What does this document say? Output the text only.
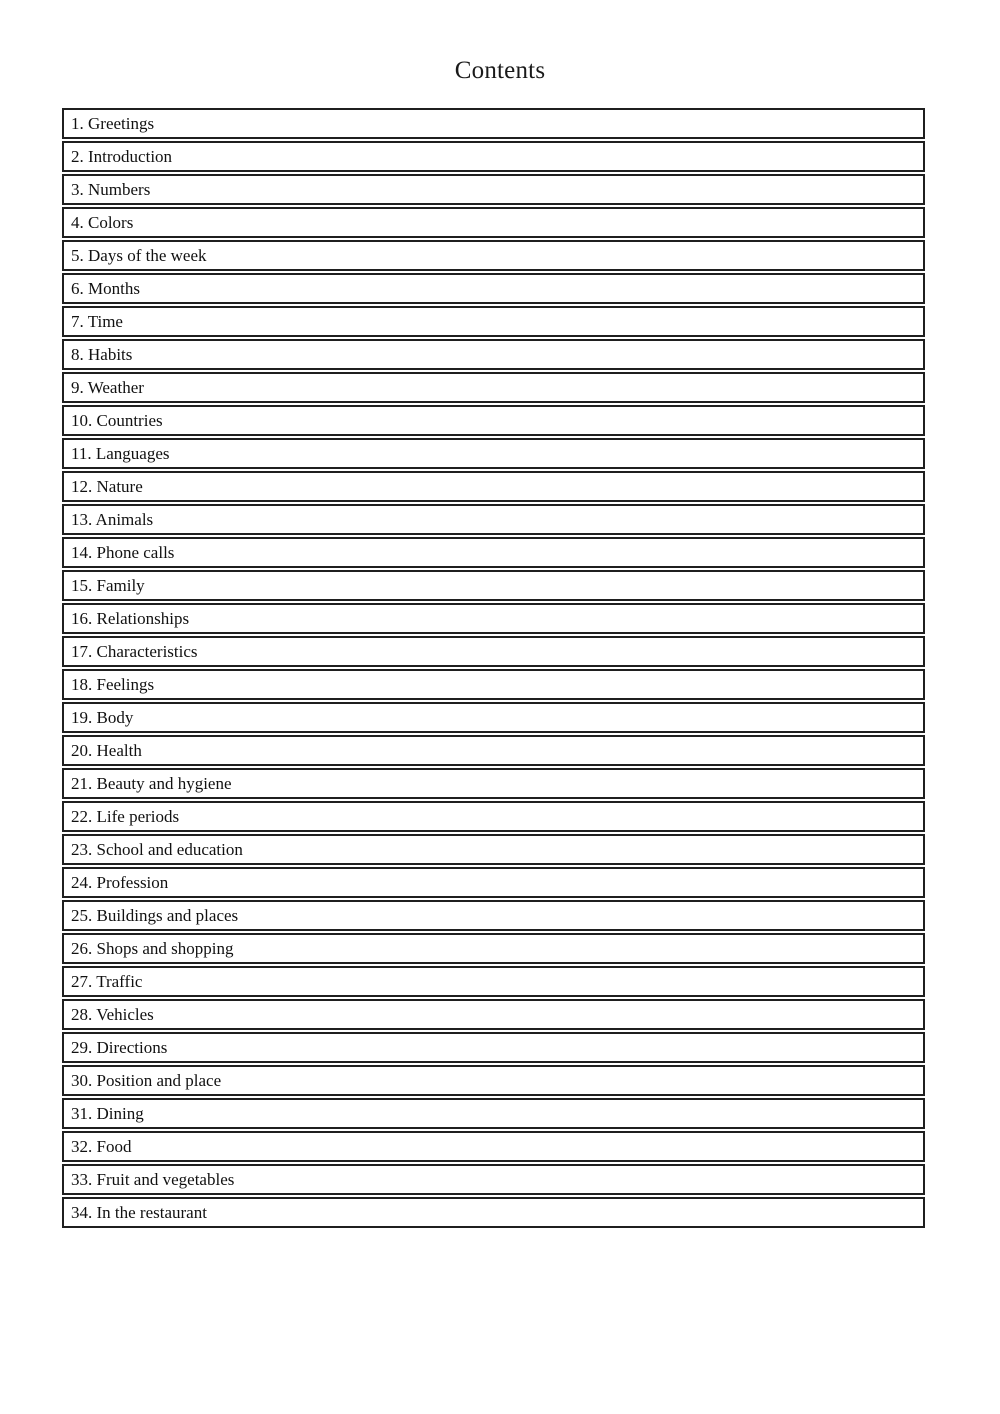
Contents
1. Greetings
2. Introduction
3. Numbers
4. Colors
5. Days of the week
6. Months
7. Time
8. Habits
9. Weather
10. Countries
11. Languages
12. Nature
13. Animals
14. Phone calls
15. Family
16. Relationships
17. Characteristics
18. Feelings
19. Body
20. Health
21. Beauty and hygiene
22. Life periods
23. School and education
24. Profession
25. Buildings and places
26. Shops and shopping
27. Traffic
28. Vehicles
29. Directions
30. Position and place
31. Dining
32. Food
33. Fruit and vegetables
34. In the restaurant
